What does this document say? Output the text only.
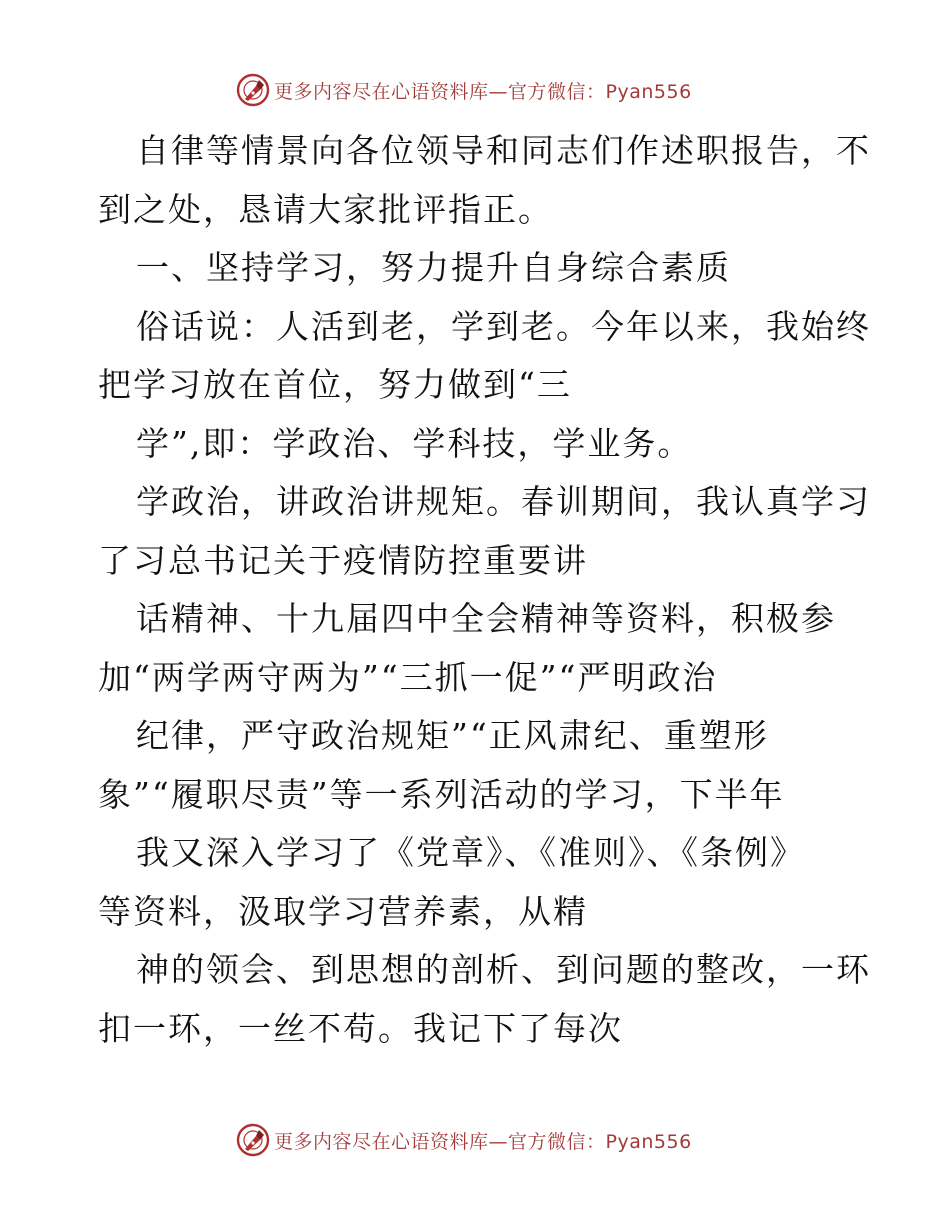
更多内容尽在心语资料库—官方微信：Pyan556
自律等情景向各位领导和同志们作述职报告，不
到之处，恳请大家批评指正。
一、坚持学习，努力提升自身综合素质
俗话说：人活到老，学到老。今年以来，我始终
把学习放在首位，努力做到“三
学”,即：学政治、学科技，学业务。
学政治，讲政治讲规矩。春训期间，我认真学习
了习总书记关于疫情防控重要讲
话精神、十九届四中全会精神等资料，积极参
加“两学两守两为”“三抓一促”“严明政治
纪律，严守政治规矩”“正风肃纪、重塑形
象”“履职尽责”等一系列活动的学习，下半年
我又深入学习了《党章》、《准则》、《条例》
等资料，汲取学习营养素，从精
神的领会、到思想的剖析、到问题的整改，一环
扣一环，一丝不苟。我记下了每次
更多内容尽在心语资料库—官方微信：Pyan556
